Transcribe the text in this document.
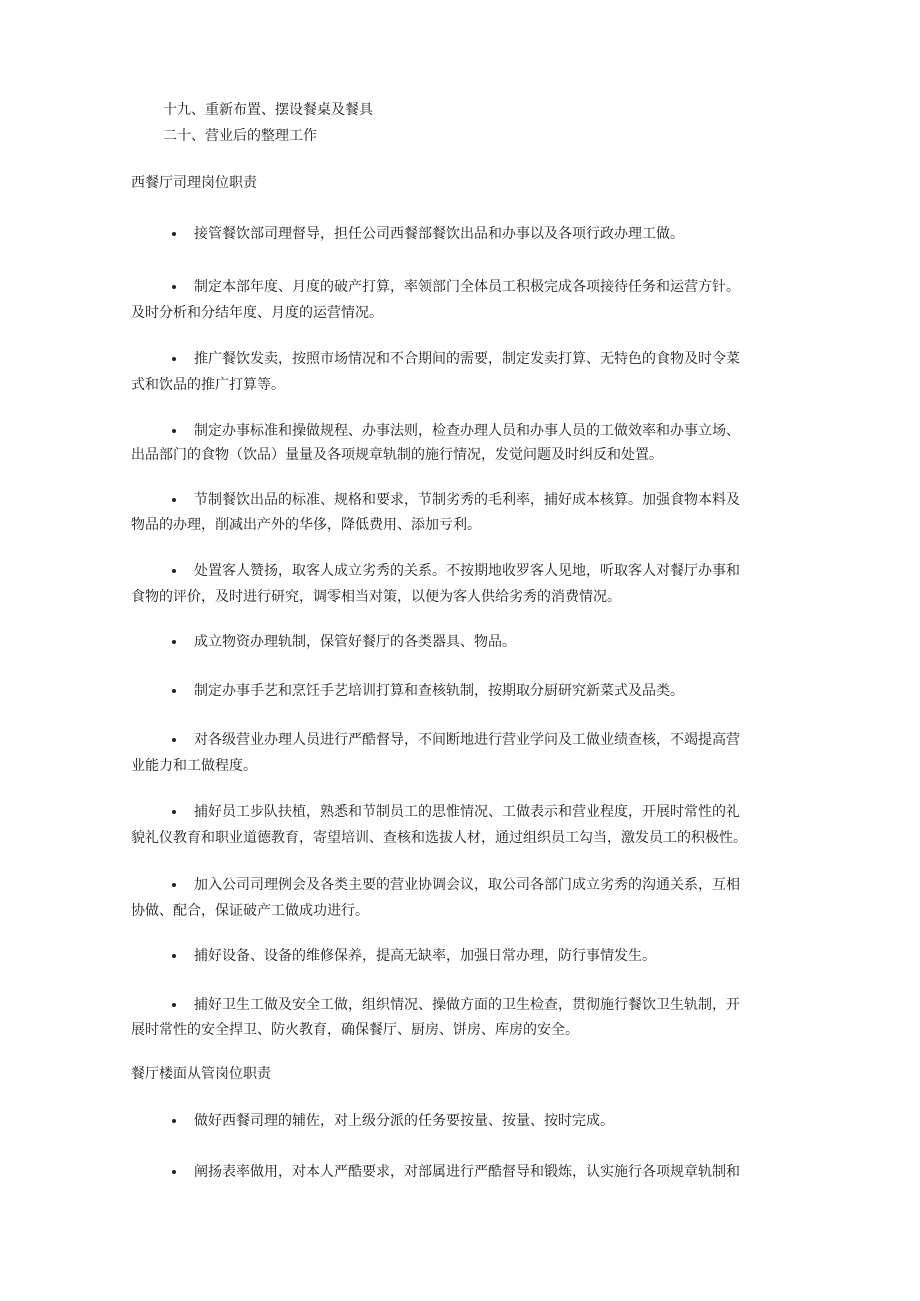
十九、重新布置、摆设餐桌及餐具
二十、营业后的整理工作
西餐厅司理岗位职责
接管餐饮部司理督导，担任公司西餐部餐饮出品和办事以及各项行政办理工做。
制定本部年度、月度的破产打算，率领部门全体员工积极完成各项接待任务和运营方针。
及时分析和分结年度、月度的运营情况。
推广餐饮发卖，按照市场情况和不合期间的需要，制定发卖打算、无特色的食物及时令菜
式和饮品的推广打算等。
制定办事标准和操做规程、办事法则，检查办理人员和办事人员的工做效率和办事立场、
出品部门的食物（饮品）量量及各项规章轨制的施行情况，发觉问题及时纠反和处置。
节制餐饮出品的标准、规格和要求，节制劣秀的毛利率，捕好成本核算。加强食物本料及
物品的办理，削减出产外的华侈，降低费用、添加亏利。
处置客人赞扬，取客人成立劣秀的关系。不按期地收罗客人见地，听取客人对餐厅办事和
食物的评价，及时进行研究，调零相当对策，以便为客人供给劣秀的消费情况。
成立物资办理轨制，保管好餐厅的各类器具、物品。
制定办事手艺和烹饪手艺培训打算和查核轨制，按期取分厨研究新菜式及品类。
对各级营业办理人员进行严酷督导，不间断地进行营业学问及工做业绩查核，不竭提高营
业能力和工做程度。
捕好员工步队扶植，熟悉和节制员工的思惟情况、工做表示和营业程度，开展时常性的礼
貌礼仪教育和职业道德教育，寄望培训、查核和选拔人材，通过组织员工勾当，激发员工的积极性。
加入公司司理例会及各类主要的营业协调会议，取公司各部门成立劣秀的沟通关系，互相
协做、配合，保证破产工做成功进行。
捕好设备、设备的维修保养，提高无缺率，加强日常办理，防行事情发生。
捕好卫生工做及安全工做，组织情况、操做方面的卫生检查，贯彻施行餐饮卫生轨制，开
展时常性的安全捍卫、防火教育，确保餐厅、厨房、饼房、库房的安全。
餐厅楼面从管岗位职责
做好西餐司理的辅佐，对上级分派的任务要按量、按量、按时完成。
阐扬表率做用，对本人严酷要求，对部属进行严酷督导和锻炼，认实施行各项规章轨制和
